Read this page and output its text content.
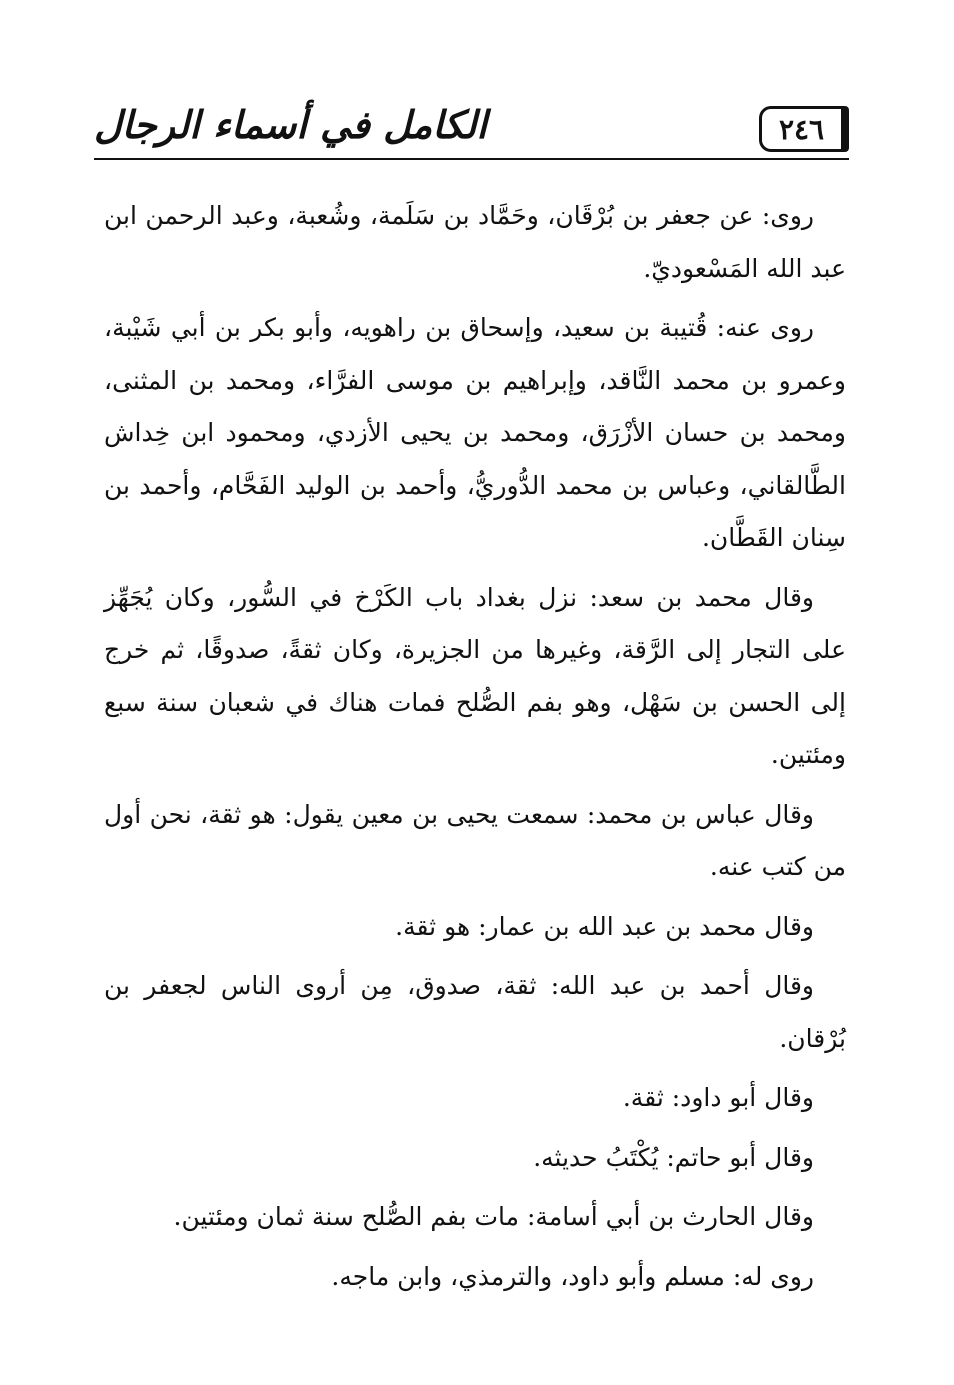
٢٤٦
الكامل في أسماء الرجال

روى: عن جعفر بن بُرْقَان، وحَمَّاد بن سَلَمة، وشُعبة، وعبد الرحمن ابن عبد الله المَسْعوديّ.

روى عنه: قُتيبة بن سعيد، وإسحاق بن راهويه، وأبو بكر بن أبي شَيْبة، وعمرو بن محمد النَّاقد، وإبراهيم بن موسى الفرَّاء، ومحمد بن المثنى، ومحمد بن حسان الأزْرَق، ومحمد بن يحيى الأزدي، ومحمود ابن خِداش الطَّالقاني، وعباس بن محمد الدُّوريُّ، وأحمد بن الوليد الفَحَّام، وأحمد بن سِنان القَطَّان.

وقال محمد بن سعد: نزل بغداد باب الكَرْخ في السُّور، وكان يُجَهِّز على التجار إلى الرَّقة، وغيرها من الجزيرة، وكان ثقةً، صدوقًا، ثم خرج إلى الحسن بن سَهْل، وهو بفم الصُّلح فمات هناك في شعبان سنة سبع ومئتين.

وقال عباس بن محمد: سمعت يحيى بن معين يقول: هو ثقة، نحن أول من كتب عنه.

وقال محمد بن عبد الله بن عمار: هو ثقة.

وقال أحمد بن عبد الله: ثقة، صدوق، مِن أروى الناس لجعفر بن بُرْقان.

وقال أبو داود: ثقة.

وقال أبو حاتم: يُكْتَبُ حديثه.

وقال الحارث بن أبي أسامة: مات بفم الصُّلح سنة ثمان ومئتين.

روى له: مسلم وأبو داود، والترمذي، وابن ماجه.
